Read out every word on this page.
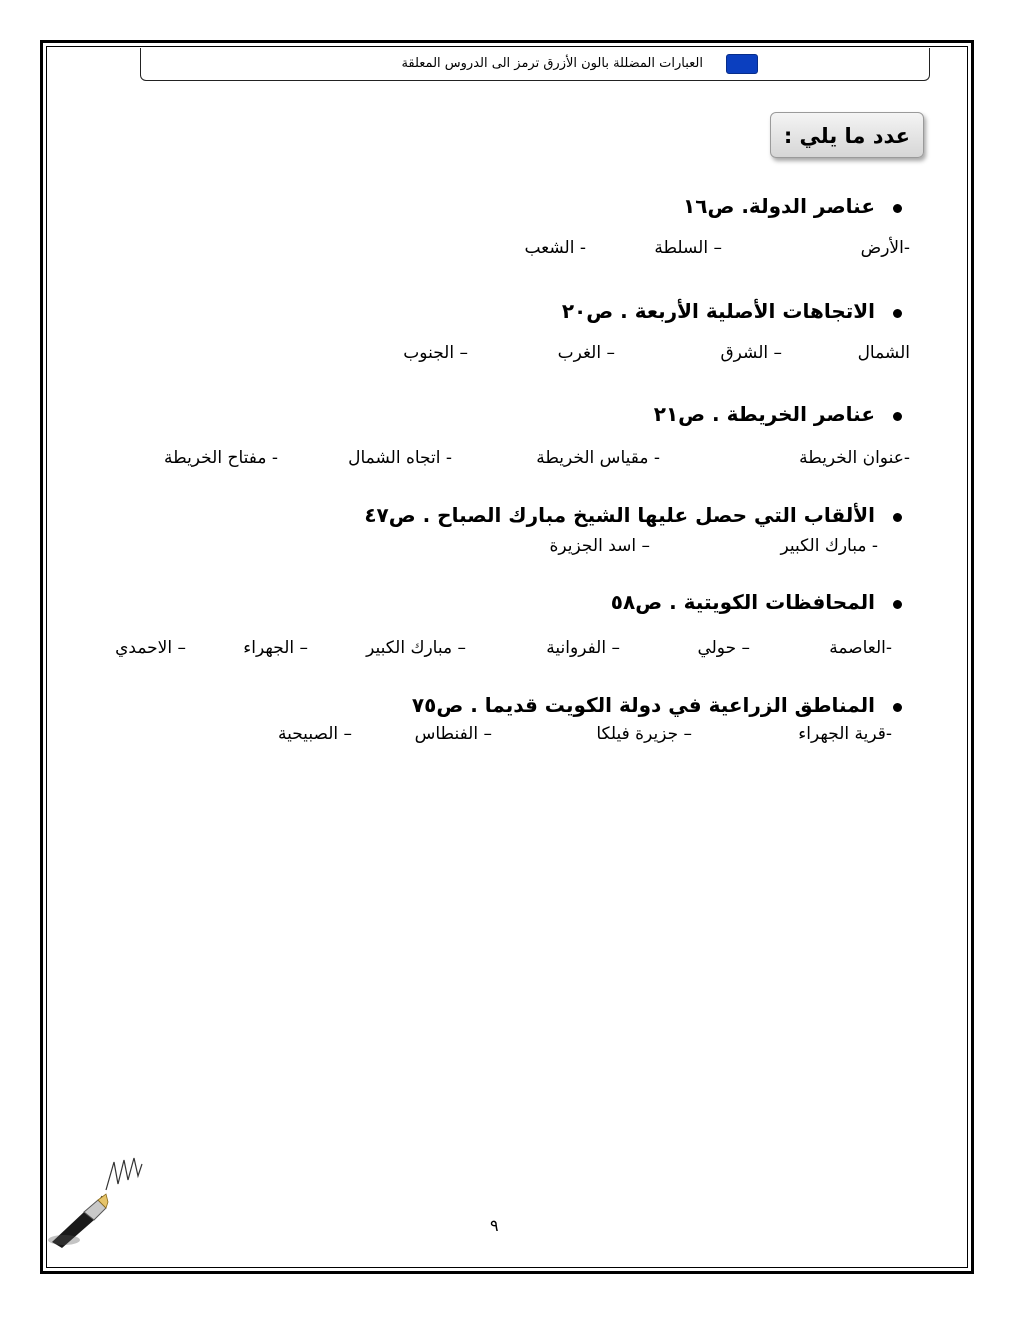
العبارات المضللة بالون الأزرق ترمز الى الدروس المعلقة
عدد ما يلي :
عناصر الدولة. ص١٦
-الأرض
– السلطة
- الشعب
الاتجاهات الأصلية الأربعة . ص٢٠
الشمال
– الشرق
– الغرب
– الجنوب
عناصر الخريطة . ص٢١
-عنوان الخريطة
- مقياس الخريطة
- اتجاه الشمال
- مفتاح الخريطة
الألقاب التي حصل عليها الشيخ مبارك الصباح . ص٤٧
- مبارك الكبير
– اسد الجزيرة
المحافظات الكويتية . ص٥٨
-العاصمة
– حولي
– الفروانية
– مبارك الكبير
– الجهراء
– الاحمدي
المناطق الزراعية في دولة الكويت قديما . ص٧٥
-قرية الجهراء
– جزيرة فيلكا
– الفنطاس
– الصبيحية
٩
